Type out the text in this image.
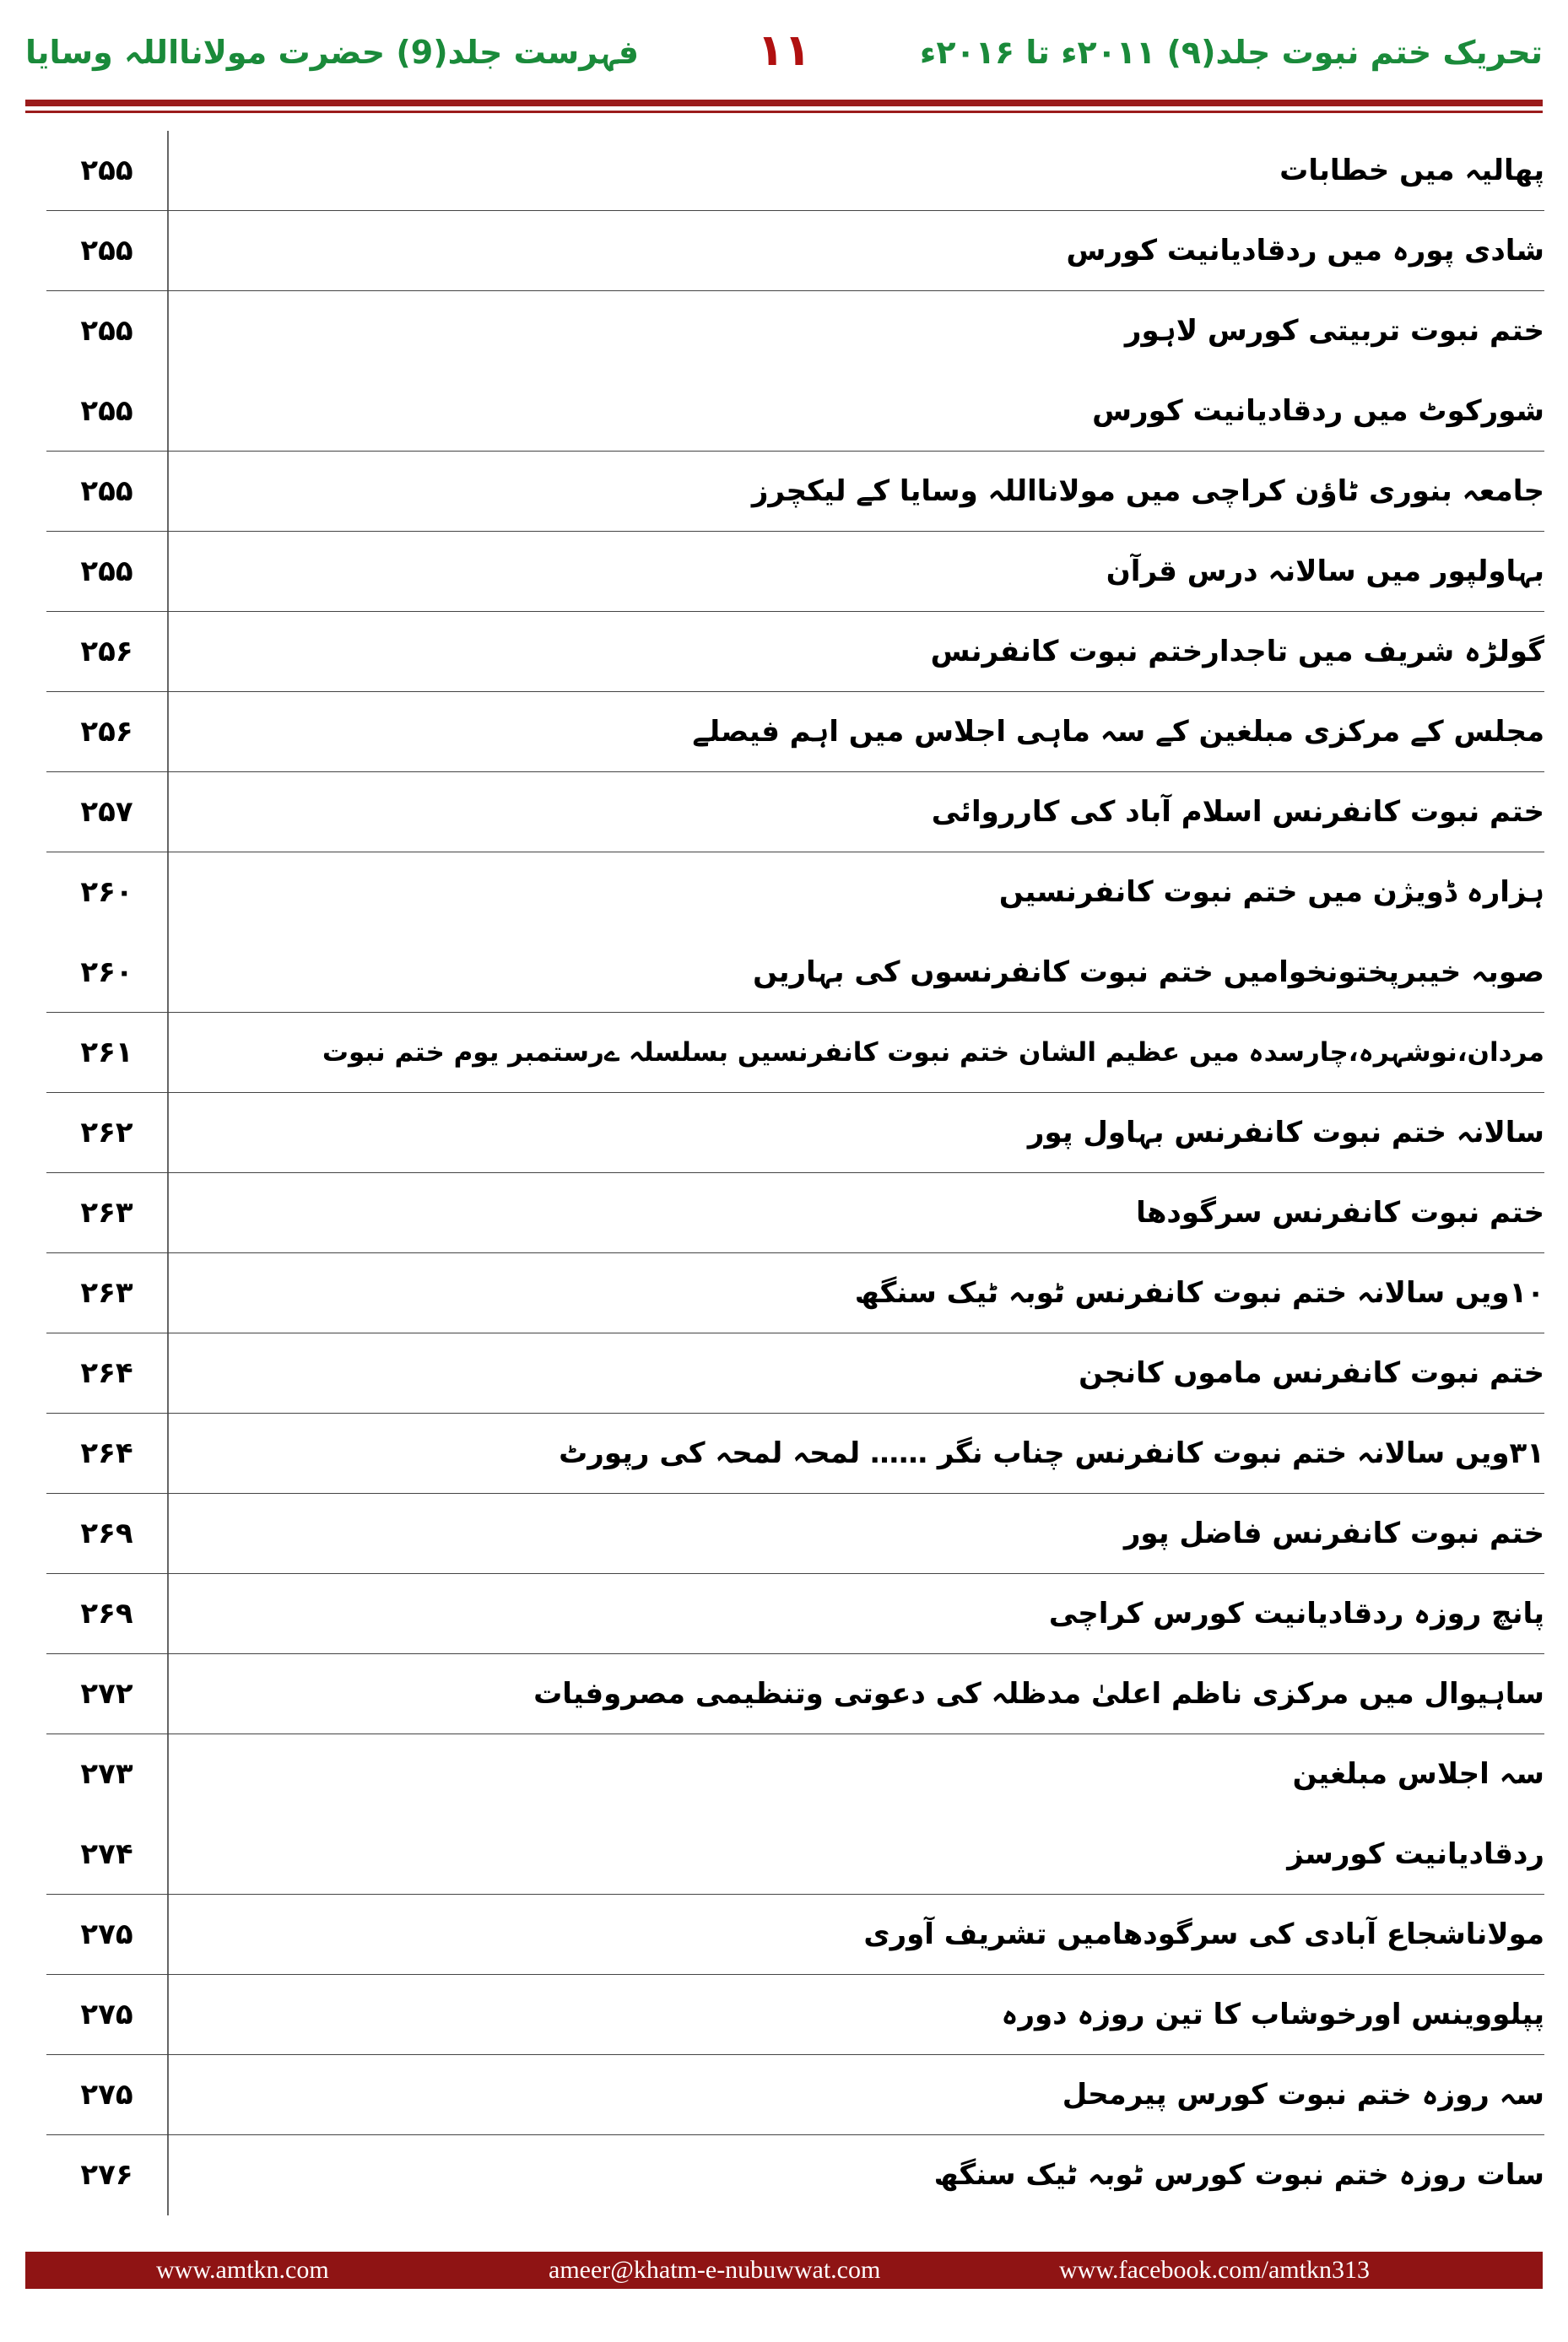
فہرست جلد(9) حضرت مولانااللہ وسایا	۱۱	تحریک ختم نبوت جلد(۹) ۲۰۱۱ء تا ۲۰۱۶ء
۲۵۵	پھالیہ میں خطابات
۲۵۵	شادی پورہ میں ردقادیانیت کورس
۲۵۵	ختم نبوت تربیتی کورس لاہور
۲۵۵	شورکوٹ میں ردقادیانیت کورس
۲۵۵	جامعہ بنوری ٹاؤن کراچی میں مولانااللہ وسایا کے لیکچرز
۲۵۵	بہاولپور میں سالانہ درس قرآن
۲۵۶	گولڑہ شریف میں تاجدارختم نبوت کانفرنس
۲۵۶	مجلس کے مرکزی مبلغین کے سہ ماہی اجلاس میں اہم فیصلے
۲۵۷	ختم نبوت کانفرنس اسلام آباد کی کارروائی
۲۶۰	ہزارہ ڈویژن میں ختم نبوت کانفرنسیں
۲۶۰	صوبہ خیبرپختونخوامیں ختم نبوت کانفرنسوں کی بہاریں
۲۶۱	مردان،نوشہرہ،چارسدہ میں عظیم الشان ختم نبوت کانفرنسیں بسلسلہ ےرستمبر یوم ختم نبوت
۲۶۲	سالانہ ختم نبوت کانفرنس بہاول پور
۲۶۳	ختم نبوت کانفرنس سرگودھا
۲۶۳	۱۰ویں سالانہ ختم نبوت کانفرنس ٹوبہ ٹیک سنگھ
۲۶۴	ختم نبوت کانفرنس ماموں کانجن
۲۶۴	۳۱ویں سالانہ ختم نبوت کانفرنس چناب نگر …… لمحہ لمحہ کی رپورٹ
۲۶۹	ختم نبوت کانفرنس فاضل پور
۲۶۹	پانچ روزہ ردقادیانیت کورس کراچی
۲۷۲	ساہیوال میں مرکزی ناظم اعلیٰ مدظلہ کی دعوتی وتنظیمی مصروفیات
۲۷۳	سہ اجلاس مبلغین
۲۷۴	ردقادیانیت کورسز
۲۷۵	مولاناشجاع آبادی کی سرگودھامیں تشریف آوری
۲۷۵	پپلووینس اورخوشاب کا تین روزہ دورہ
۲۷۵	سہ روزہ ختم نبوت کورس پیرمحل
۲۷۶	سات روزہ ختم نبوت کورس ٹوبہ ٹیک سنگھ
www.amtkn.com	ameer@khatm-e-nubuwwat.com	www.facebook.com/amtkn313
